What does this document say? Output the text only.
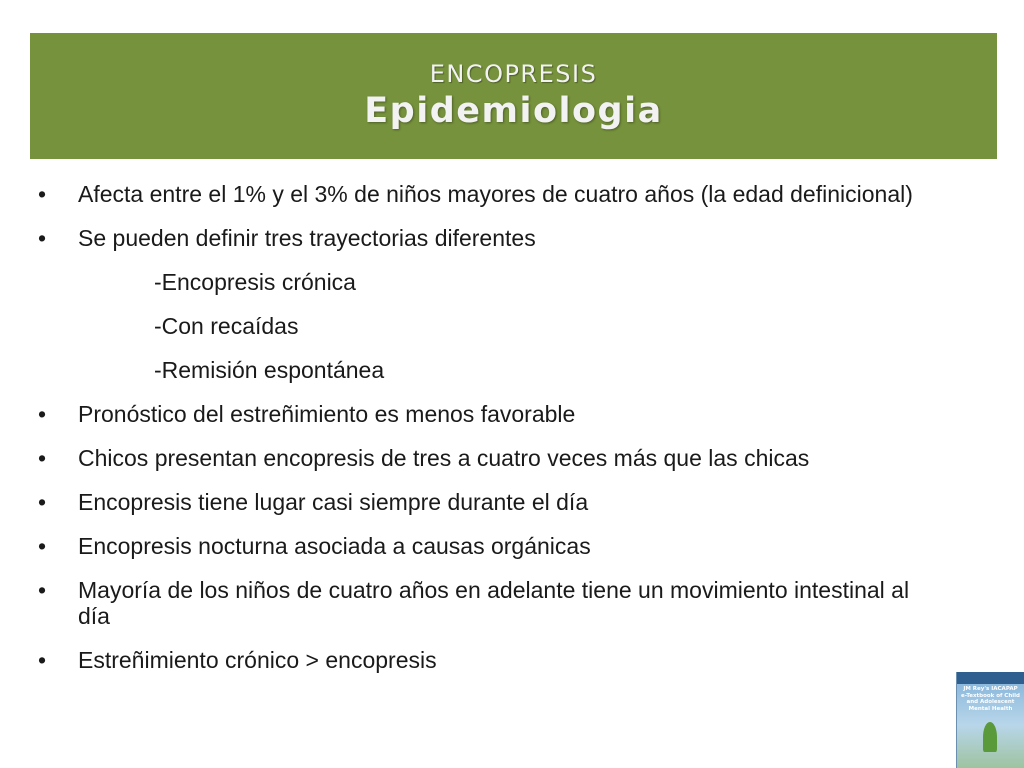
ENCOPRESIS
Epidemiologia
•	Afecta entre el 1% y el 3% de niños mayores de cuatro años (la edad definicional)
•	Se pueden definir tres trayectorias diferentes
-Encopresis crónica
-Con recaídas
-Remisión espontánea
•	Pronóstico del estreñimiento es menos favorable
•	Chicos presentan encopresis de tres a cuatro veces más que las chicas
•	Encopresis tiene lugar casi siempre durante el día
•	Encopresis nocturna asociada a causas orgánicas
•	Mayoría de los niños de cuatro años en adelante tiene un movimiento intestinal al día
•	Estreñimiento crónico > encopresis
JM Rey's IACAPAP e-Textbook of Child and Adolescent Mental Health
